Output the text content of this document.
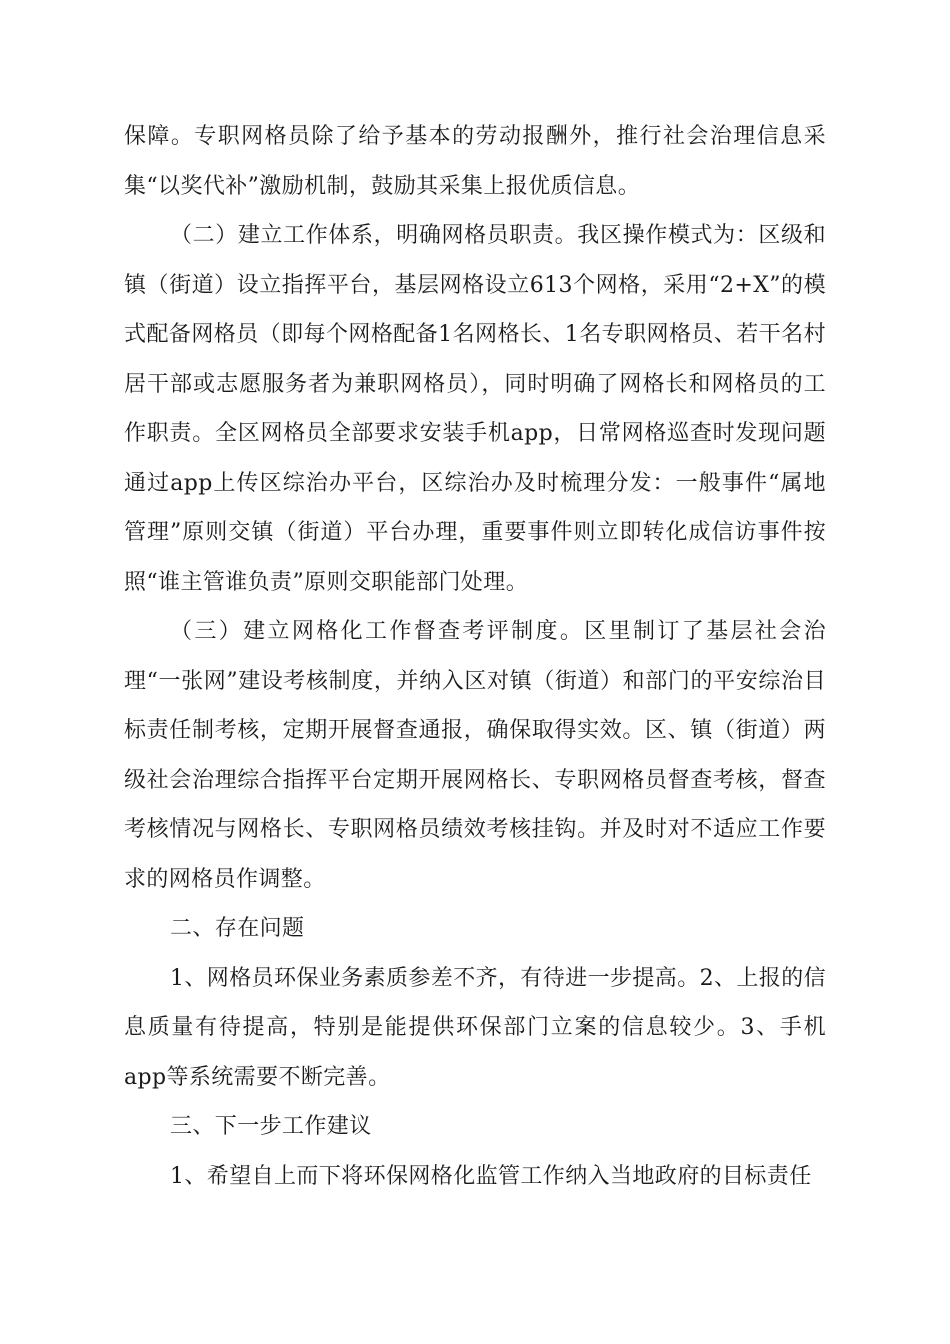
保障。专职网格员除了给予基本的劳动报酬外，推行社会治理信息采集“以奖代补”激励机制，鼓励其采集上报优质信息。

（二）建立工作体系，明确网格员职责。我区操作模式为：区级和镇（街道）设立指挥平台，基层网格设立613个网格，采用“2+X”的模式配备网格员（即每个网格配备1名网格长、1名专职网格员、若干名村居干部或志愿服务者为兼职网格员），同时明确了网格长和网格员的工作职责。全区网格员全部要求安装手机app，日常网格巡查时发现问题通过app上传区综治办平台，区综治办及时梳理分发：一般事件“属地管理”原则交镇（街道）平台办理，重要事件则立即转化成信访事件按照“谁主管谁负责”原则交职能部门处理。

（三）建立网格化工作督查考评制度。区里制订了基层社会治理“一张网”建设考核制度，并纳入区对镇（街道）和部门的平安综治目标责任制考核，定期开展督查通报，确保取得实效。区、镇（街道）两级社会治理综合指挥平台定期开展网格长、专职网格员督查考核，督查考核情况与网格长、专职网格员绩效考核挂钩。并及时对不适应工作要求的网格员作调整。

二、存在问题

1、网格员环保业务素质参差不齐，有待进一步提高。2、上报的信息质量有待提高，特别是能提供环保部门立案的信息较少。3、手机app等系统需要不断完善。

三、下一步工作建议

1、希望自上而下将环保网格化监管工作纳入当地政府的目标责任
